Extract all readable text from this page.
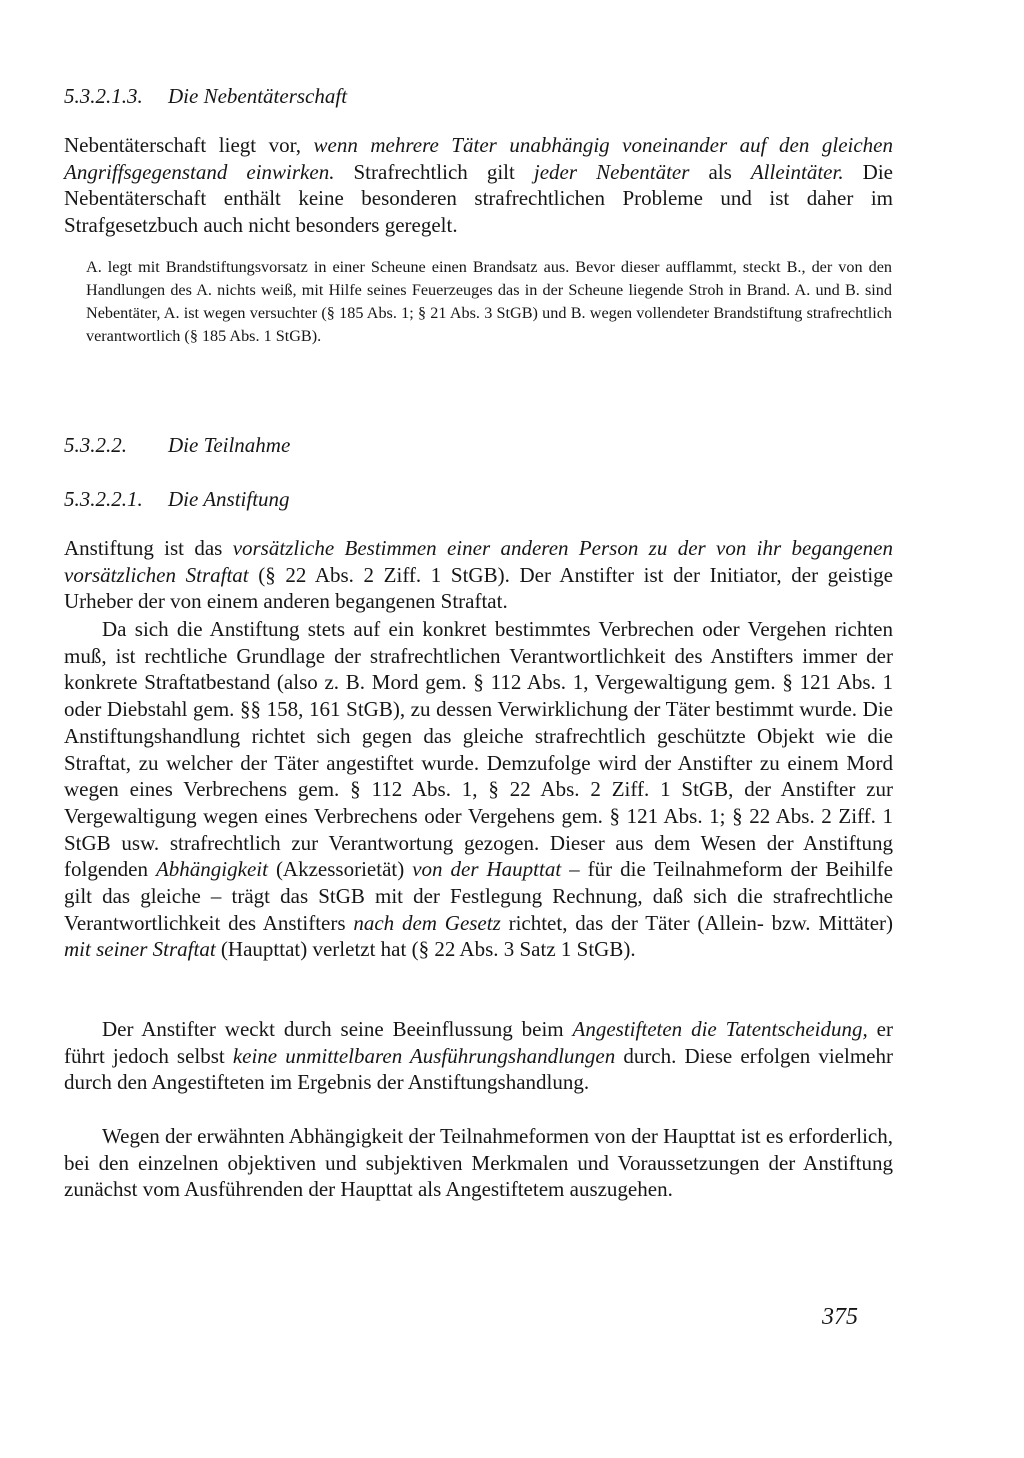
5.3.2.1.3. Die Nebentäterschaft

Nebentäterschaft liegt vor, wenn mehrere Täter unabhängig voneinander auf den gleichen Angriffsgegenstand einwirken. Strafrechtlich gilt jeder Nebentäter als Alleintäter. Die Nebentäterschaft enthält keine besonderen strafrechtlichen Probleme und ist daher im Strafgesetzbuch auch nicht besonders geregelt.

A. legt mit Brandstiftungsvorsatz in einer Scheune einen Brandsatz aus. Bevor dieser aufflammt, steckt B., der von den Handlungen des A. nichts weiß, mit Hilfe seines Feuerzeuges das in der Scheune liegende Stroh in Brand. A. und B. sind Nebentäter, A. ist wegen versuchter (§ 185 Abs. 1; § 21 Abs. 3 StGB) und B. wegen vollendeter Brandstiftung strafrechtlich verantwortlich (§ 185 Abs. 1 StGB).

5.3.2.2. Die Teilnahme
5.3.2.2.1. Die Anstiftung

Anstiftung ist das vorsätzliche Bestimmen einer anderen Person zu der von ihr begangenen vorsätzlichen Straftat (§ 22 Abs. 2 Ziff. 1 StGB). Der Anstifter ist der Initiator, der geistige Urheber der von einem anderen begangenen Straftat.

Da sich die Anstiftung stets auf ein konkret bestimmtes Verbrechen oder Vergehen richten muß, ist rechtliche Grundlage der strafrechtlichen Verantwortlichkeit des Anstifters immer der konkrete Straftatbestand (also z. B. Mord gem. § 112 Abs. 1, Vergewaltigung gem. § 121 Abs. 1 oder Diebstahl gem. §§ 158, 161 StGB), zu dessen Verwirklichung der Täter bestimmt wurde. Die Anstiftungshandlung richtet sich gegen das gleiche strafrechtlich geschützte Objekt wie die Straftat, zu welcher der Täter angestiftet wurde. Demzufolge wird der Anstifter zu einem Mord wegen eines Verbrechens gem. § 112 Abs. 1, § 22 Abs. 2 Ziff. 1 StGB, der Anstifter zur Vergewaltigung wegen eines Verbrechens oder Vergehens gem. § 121 Abs. 1; § 22 Abs. 2 Ziff. 1 StGB usw. strafrechtlich zur Verantwortung gezogen. Dieser aus dem Wesen der Anstiftung folgenden Abhängigkeit (Akzessorietät) von der Haupttat – für die Teilnahmeform der Beihilfe gilt das gleiche – trägt das StGB mit der Festlegung Rechnung, daß sich die strafrechtliche Verantwortlichkeit des Anstifters nach dem Gesetz richtet, das der Täter (Allein- bzw. Mittäter) mit seiner Straftat (Haupttat) verletzt hat (§ 22 Abs. 3 Satz 1 StGB).

Der Anstifter weckt durch seine Beeinflussung beim Angestifteten die Tatentscheidung, er führt jedoch selbst keine unmittelbaren Ausführungshandlungen durch. Diese erfolgen vielmehr durch den Angestifteten im Ergebnis der Anstiftungshandlung.

Wegen der erwähnten Abhängigkeit der Teilnahmeformen von der Haupttat ist es erforderlich, bei den einzelnen objektiven und subjektiven Merkmalen und Voraussetzungen der Anstiftung zunächst vom Ausführenden der Haupttat als Angestiftetem auszugehen.

375
